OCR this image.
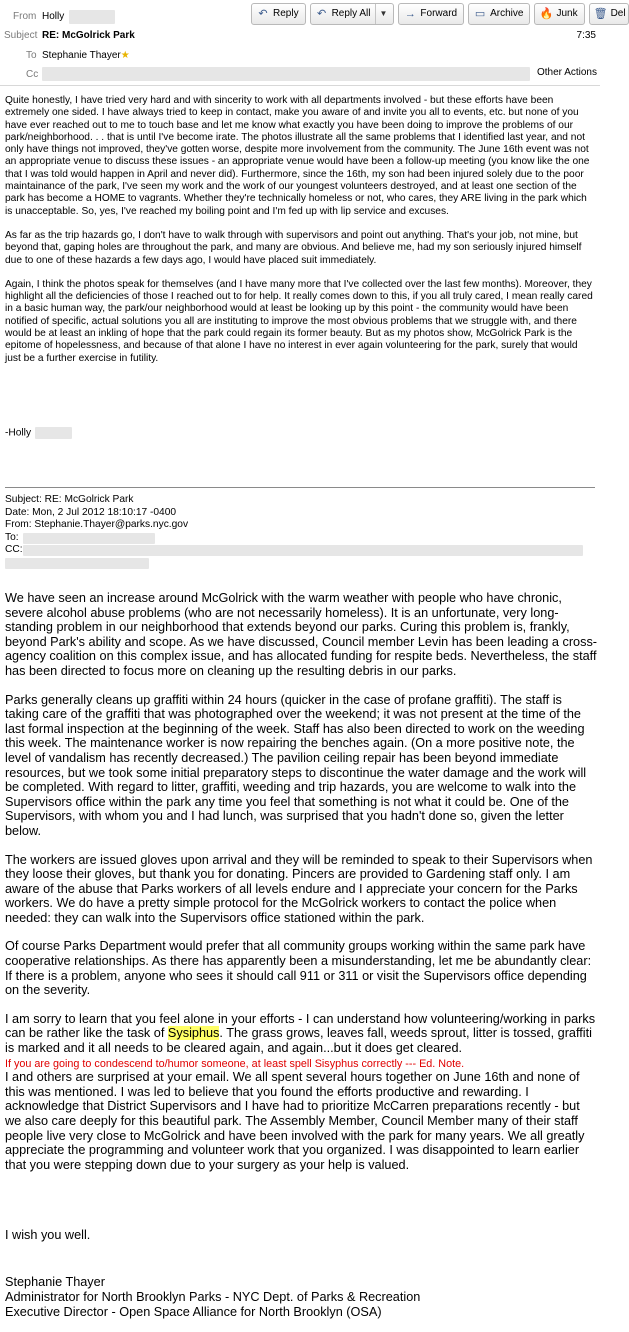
From Holly	↶ Reply ↶ Reply All	▼ → Forward ▭ Archive 🔥 Junk 🗑 Del
Subject RE: McGolrick Park	7:35
To Stephanie Thayer★
Cc	Other Actions

Quite honestly, I have tried very hard and with sincerity to work with all departments involved - but these efforts have been extremely one sided. I have always tried to keep in contact, make you aware of and invite you all to events, etc. but none of you have ever reached out to me to touch base and let me know what exactly you have been doing to improve the problems of our park/neighborhood. . . that is until I've become irate. The photos illustrate all the same problems that I identified last year, and not only have things not improved, they've gotten worse, despite more involvement from the community. The June 16th event was not an appropriate venue to discuss these issues - an appropriate venue would have been a follow-up meeting (you know like the one that I was told would happen in April and never did). Furthermore, since the 16th, my son had been injured solely due to the poor maintainance of the park, I've seen my work and the work of our youngest volunteers destroyed, and at least one section of the park has become a HOME to vagrants. Whether they're technically homeless or not, who cares, they ARE living in the park which is unacceptable. So, yes, I've reached my boiling point and I'm fed up with lip service and excuses.

As far as the trip hazards go, I don't have to walk through with supervisors and point out anything. That's your job, not mine, but beyond that, gaping holes are throughout the park, and many are obvious. And believe me, had my son seriously injured himself due to one of these hazards a few days ago, I would have placed suit immediately.

Again, I think the photos speak for themselves (and I have many more that I've collected over the last few months). Moreover, they highlight all the deficiencies of those I reached out to for help. It really comes down to this, if you all truly cared, I mean really cared in a basic human way, the park/our neighborhood would at least be looking up by this point - the community would have been notified of specific, actual solutions you all are instituting to improve the most obvious problems that we struggle with, and there would be at least an inkling of hope that the park could regain its former beauty. But as my photos show, McGolrick Park is the epitome of hopelessness, and because of that alone I have no interest in ever again volunteering for the park, surely that would just be a further exercise in futility.

-Holly
Subject: RE: McGolrick Park
Date: Mon, 2 Jul 2012 18:10:17 -0400
From: Stephanie.Thayer@parks.nyc.gov
To:
CC:

We have seen an increase around McGolrick with the warm weather with people who have chronic, severe alcohol abuse problems (who are not necessarily homeless). It is an unfortunate, very long-standing problem in our neighborhood that extends beyond our parks. Curing this problem is, frankly, beyond Park's ability and scope. As we have discussed, Council member Levin has been leading a cross-agency coalition on this complex issue, and has allocated funding for respite beds. Nevertheless, the staff has been directed to focus more on cleaning up the resulting debris in our parks.

Parks generally cleans up graffiti within 24 hours (quicker in the case of profane graffiti). The staff is taking care of the graffiti that was photographed over the weekend; it was not present at the time of the last formal inspection at the beginning of the week. Staff has also been directed to work on the weeding this week. The maintenance worker is now repairing the benches again. (On a more positive note, the level of vandalism has recently decreased.) The pavilion ceiling repair has been beyond immediate resources, but we took some initial preparatory steps to discontinue the water damage and the work will be completed. With regard to litter, graffiti, weeding and trip hazards, you are welcome to walk into the Supervisors office within the park any time you feel that something is not what it could be. One of the Supervisors, with whom you and I had lunch, was surprised that you hadn't done so, given the letter below.

The workers are issued gloves upon arrival and they will be reminded to speak to their Supervisors when they loose their gloves, but thank you for donating. Pincers are provided to Gardening staff only. I am aware of the abuse that Parks workers of all levels endure and I appreciate your concern for the Parks workers. We do have a pretty simple protocol for the McGolrick workers to contact the police when needed: they can walk into the Supervisors office stationed within the park.

Of course Parks Department would prefer that all community groups working within the same park have cooperative relationships. As there has apparently been a misunderstanding, let me be abundantly clear: If there is a problem, anyone who sees it should call 911 or 311 or visit the Supervisors office depending on the severity.

I am sorry to learn that you feel alone in your efforts - I can understand how volunteering/working in parks can be rather like the task of Sysiphus. The grass grows, leaves fall, weeds sprout, litter is tossed, graffiti is marked and it all needs to be cleared again, and again...but it does get cleared.
If you are going to condescend to/humor someone, at least spell Sisyphus correctly --- Ed. Note.
I and others are surprised at your email. We all spent several hours together on June 16th and none of this was mentioned. I was led to believe that you found the efforts productive and rewarding. I acknowledge that District Supervisors and I have had to prioritize McCarren preparations recently - but we also care deeply for this beautiful park. The Assembly Member, Council Member many of their staff people live very close to McGolrick and have been involved with the park for many years. We all greatly appreciate the programming and volunteer work that you organized. I was disappointed to learn earlier that you were stepping down due to your surgery as your help is valued.

I wish you well.
Stephanie Thayer
Administrator for North Brooklyn Parks - NYC Dept. of Parks & Recreation
Executive Director - Open Space Alliance for North Brooklyn (OSA)
